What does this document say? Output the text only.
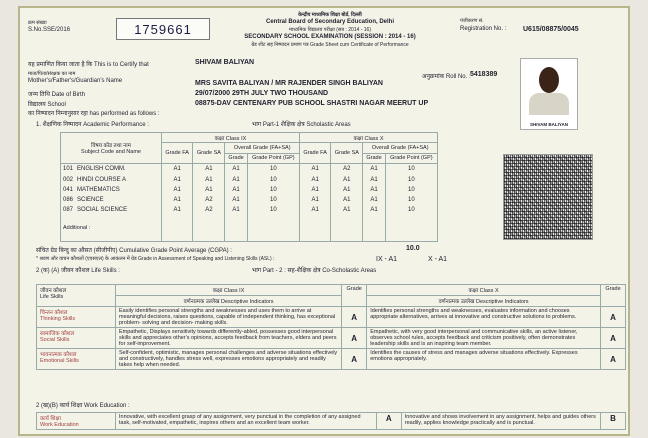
क्रम संख्या
S.No.SSE/2016	1759661
केन्द्रीय माध्यमिक शिक्षा बोर्ड, दिल्ली
Central Board of Secondary Education, Delhi
माध्यमिक विद्यालय परीक्षा (सत्र : 2014 - 16)
SECONDARY SCHOOL EXAMINATION (SESSION : 2014 - 16)
ग्रेड शीट सह निष्पादन प्रमाण पत्र Grade Sheet cum Certificate of Performance
पंजीकरण सं.
Registration No. : U615/08875/0045
यह प्रमाणित किया जाता है कि This is to Certify that	SHIVAM BALIYAN
माता/पिता/संरक्षक का नाम
Mother's/Father's/Guardian's Name
अनुक्रमांक Roll No. : 5418389
MRS SAVITA BALIYAN / MR RAJENDER SINGH BALIYAN
जन्म तिथि Date of Birth	29/07/2000 29TH JULY TWO THOUSAND
विद्यालय School	08875-DAV CENTENARY PUB SCHOOL SHASTRI NAGAR MEERUT UP
का निष्पादन निम्नानुसार रहा has performed as follows :
SHIVAM BALIYAN
1. शैक्षणिक निष्पादन Academic Performance :	भाग Part-1 शैक्षिक क्षेत्र Scholastic Areas
विषय कोड तथा नाम
Subject Code and Name	कक्षा Class IX				कक्षा Class X			
	Grade FA	Grade SA	Overall Grade (FA+SA)		Grade FA	Grade SA	Overall Grade (FA+SA)	
			Grade	Grade Point (GP)			Grade	Grade Point (GP)
101 ENGLISH COMM.	A1	A1	A1	10	A1	A2	A1	10
002 HINDI COURSE A	A1	A1	A1	10	A1	A1	A1	10
041 MATHEMATICS	A1	A1	A1	10	A1	A1	A1	10
086 SCIENCE	A1	A2	A1	10	A1	A1	A1	10
087 SOCIAL SCIENCE	A1	A2	A1	10	A1	A1	A1	10
Additional :								
संचित ग्रेड बिन्दु का औसत (सीजीपीए) Cumulative Grade Point Average (CGPA) :	10.0
* श्रवण और वाचन कौशलों (एएसएल) के आकलन में ग्रेड Grade in Assessment of Speaking and Listening Skills (ASL) :	IX - A1	X - A1
2 (क) (A) जीवन कौशल Life Skills :	भाग Part - 2 : सह-शैक्षिक क्षेत्र Co-Scholastic Areas
जीवन कौशल
Life Skills	कक्षा Class IX	Grade	कक्षा Class X	Grade
	वर्णनात्मक उल्लेख Descriptive Indicators		वर्णनात्मक उल्लेख Descriptive Indicators	
चिन्तन कौशल
Thinking Skills	Easily identifies personal strengths and weaknesses and uses them to arrive at meaningful decisions, raises questions, capable of independent thinking, has exceptional problem- solving and decision- making skills.	A	Identifies personal strengths and weaknesses, evaluates information and chooses appropriate alternatives, arrives at innovative and constructive solutions to problems.	A
सामाजिक कौशल
Social Skills	Empathetic, Displays sensitivity towards differently-abled, possesses good interpersonal skills and appreciates other's opinions, accepts feedback from teachers, elders and peers for self-improvement.	A	Empathetic, with very good interpersonal and communicative skills, an active listener, observes school rules, accepts feedback and criticism positively, often demonstrates leadership skills and is an inspiring team member.	A
भावनात्मक कौशल
Emotional Skills	Self-confident, optimistic, manages personal challenges and adverse situations effectively and constructively, handles stress well, expresses emotions appropriately and readily takes help when needed.	A	Identifies the causes of stress and manages adverse situations effectively. Expresses emotions appropriately.	A
2 (ख)(B) कार्य शिक्षा Work Education :
कार्य शिक्षा
Work Education	Innovative, with excellent grasp of any assignment, very punctual in the completion of any assigned task, self-motivated, empathetic, inspires others and an excellent team worker.	A	Innovative and shows involvement in any assignment, helps and guides others readily, applies knowledge practically and is punctual.	B
